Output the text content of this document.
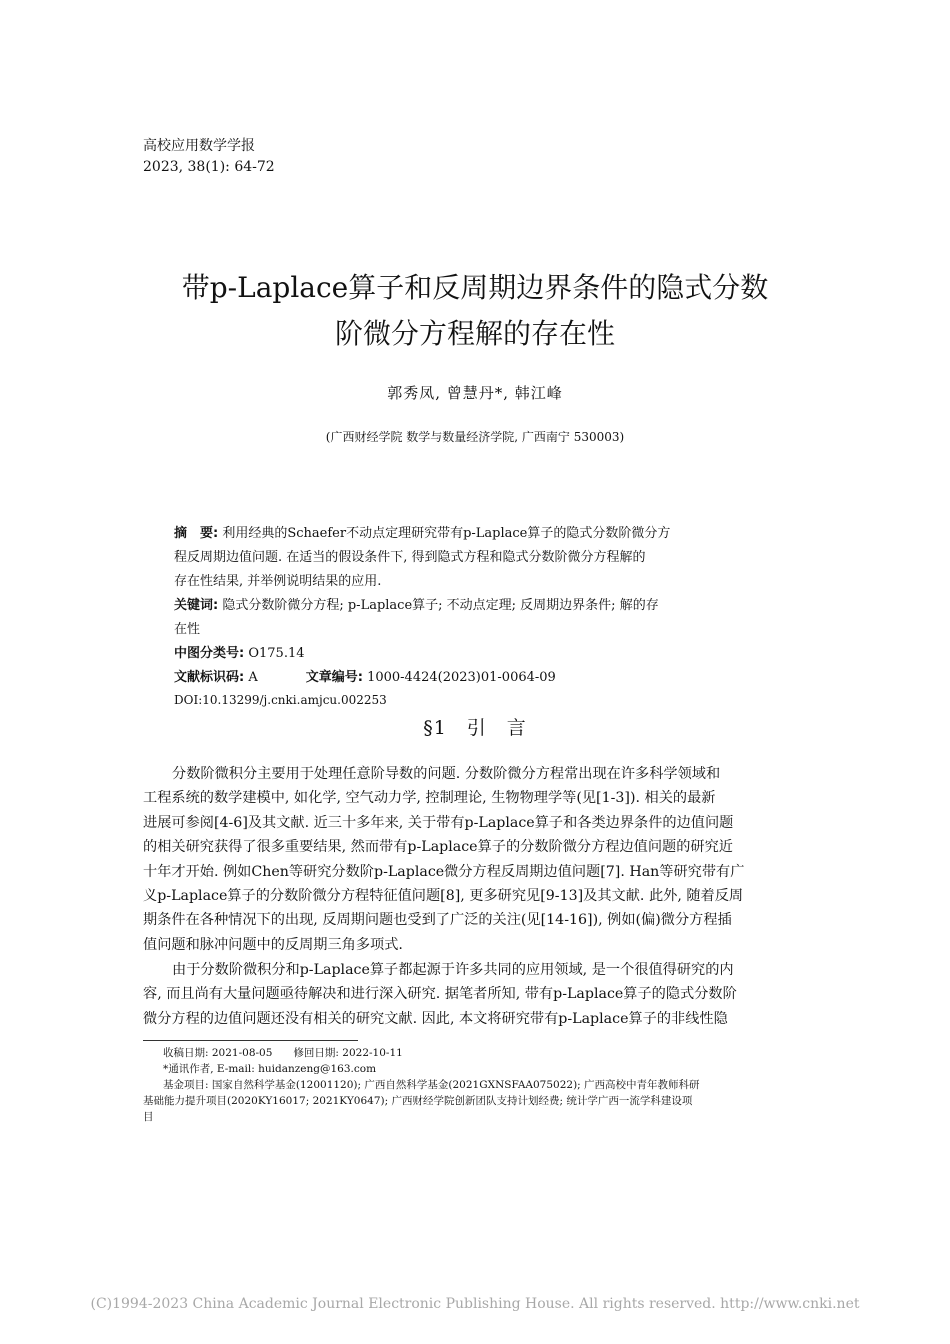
高校应用数学学报
2023, 38(1): 64-72
带p-Laplace算子和反周期边界条件的隐式分数
阶微分方程解的存在性
郭秀凤, 曾慧丹*, 韩江峰
(广西财经学院 数学与数量经济学院, 广西南宁 530003)
摘　要: 利用经典的Schaefer不动点定理研究带有p-Laplace算子的隐式分数阶微分方
程反周期边值问题. 在适当的假设条件下, 得到隐式方程和隐式分数阶微分方程解的
存在性结果, 并举例说明结果的应用.
关键词: 隐式分数阶微分方程; p-Laplace算子; 不动点定理; 反周期边界条件; 解的存
在性
中图分类号: O175.14
文献标识码: A	文章编号: 1000-4424(2023)01-0064-09
DOI:10.13299/j.cnki.amjcu.002253
§1　引　言
分数阶微积分主要用于处理任意阶导数的问题. 分数阶微分方程常出现在许多科学领域和
工程系统的数学建模中, 如化学, 空气动力学, 控制理论, 生物物理学等(见[1-3]). 相关的最新
进展可参阅[4-6]及其文献. 近三十多年来, 关于带有p-Laplace算子和各类边界条件的边值问题
的相关研究获得了很多重要结果, 然而带有p-Laplace算子的分数阶微分方程边值问题的研究近
十年才开始. 例如Chen等研究分数阶p-Laplace微分方程反周期边值问题[7]. Han等研究带有广
义p-Laplace算子的分数阶微分方程特征值问题[8], 更多研究见[9-13]及其文献. 此外, 随着反周
期条件在各种情况下的出现, 反周期问题也受到了广泛的关注(见[14-16]), 例如(偏)微分方程插
值问题和脉冲问题中的反周期三角多项式.
由于分数阶微积分和p-Laplace算子都起源于许多共同的应用领域, 是一个很值得研究的内
容, 而且尚有大量问题亟待解决和进行深入研究. 据笔者所知, 带有p-Laplace算子的隐式分数阶
微分方程的边值问题还没有相关的研究文献. 因此, 本文将研究带有p-Laplace算子的非线性隐
收稿日期: 2021-08-05　　修回日期: 2022-10-11
*通讯作者, E-mail: huidanzeng@163.com
基金项目: 国家自然科学基金(12001120); 广西自然科学基金(2021GXNSFAA075022); 广西高校中青年教师科研
基础能力提升项目(2020KY16017; 2021KY0647); 广西财经学院创新团队支持计划经费; 统计学广西一流学科建设项
目
(C)1994-2023 China Academic Journal Electronic Publishing House. All rights reserved. http://www.cnki.net
